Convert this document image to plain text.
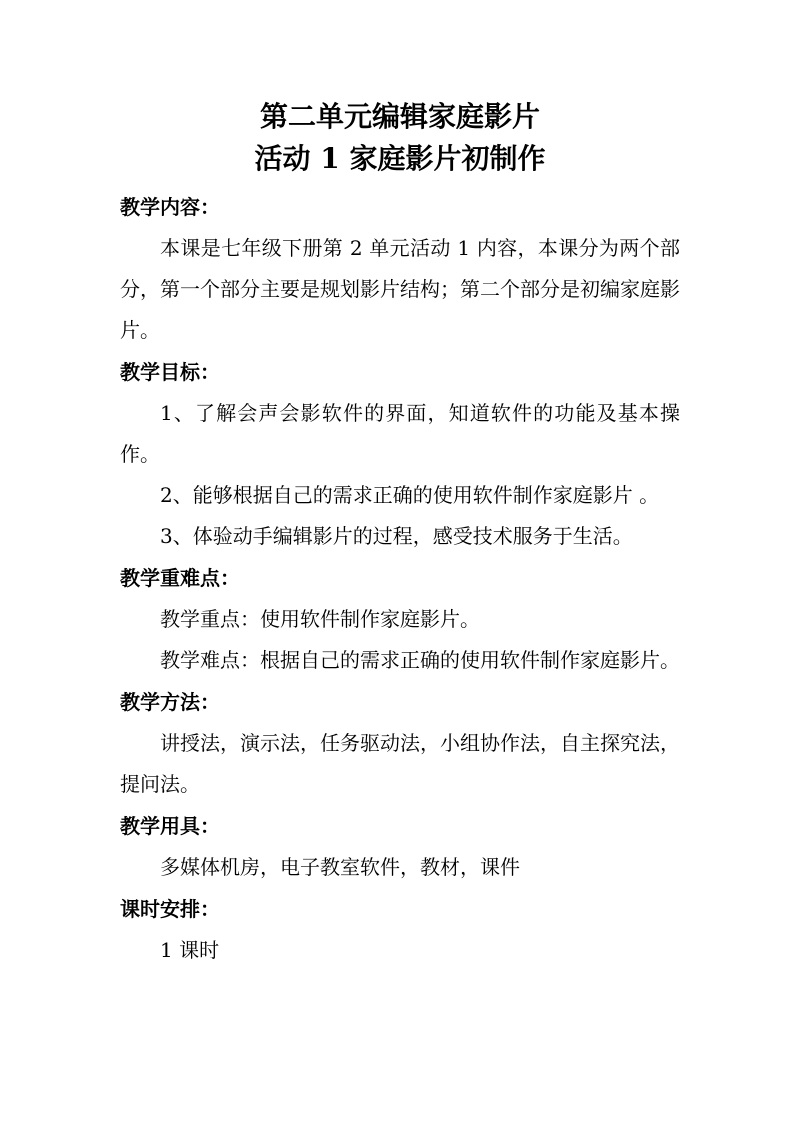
第二单元编辑家庭影片
活动 1 家庭影片初制作

教学内容：

本课是七年级下册第 2 单元活动 1 内容，本课分为两个部分，第一个部分主要是规划影片结构；第二个部分是初编家庭影片。

教学目标：

1、了解会声会影软件的界面，知道软件的功能及基本操作。

2、能够根据自己的需求正确的使用软件制作家庭影片 。

3、体验动手编辑影片的过程，感受技术服务于生活。

教学重难点：

教学重点：使用软件制作家庭影片。

教学难点：根据自己的需求正确的使用软件制作家庭影片。

教学方法：

讲授法，演示法，任务驱动法，小组协作法，自主探究法，提问法。

教学用具：

多媒体机房，电子教室软件，教材，课件

课时安排：

1 课时
